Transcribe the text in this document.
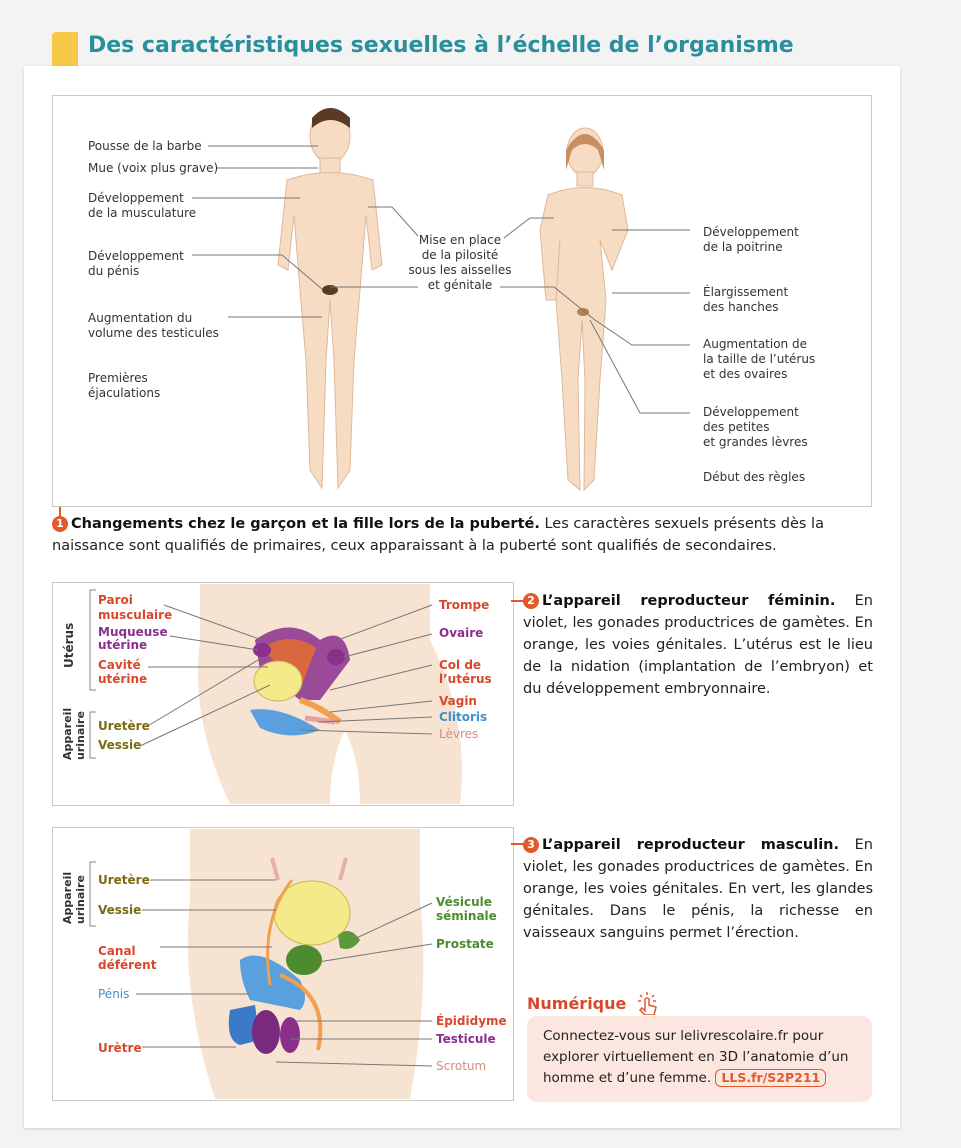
Des caractéristiques sexuelles à l’échelle de l’organisme
Pousse de la barbe
Mue (voix plus grave)
Développement
de la musculature
Développement
du pénis
Augmentation du
volume des testicules
Premières
éjaculations
Mise en place
de la pilosité
sous les aisselles
et génitale
Développement
de la poitrine
Élargissement
des hanches
Augmentation de
la taille de l’utérus
et des ovaires
Développement
des petites
et grandes lèvres
Début des règles
1 Changements chez le garçon et la fille lors de la puberté. Les caractères sexuels présents dès la naissance sont qualifiés de primaires, ceux apparaissant à la puberté sont qualifiés de secondaires.
Utérus
Appareil
urinaire
Paroi
musculaire
Muqueuse
utérine
Cavité
utérine
Uretère
Vessie
Trompe
Ovaire
Col de
l’utérus
Vagin
Clitoris
Lèvres
2 L’appareil reproducteur féminin. En violet, les gonades productrices de gamètes. En orange, les voies génitales. L’utérus est le lieu de la nidation (implantation de l’embryon) et du développement embryonnaire.
Appareil
urinaire Uretère
Vessie
Canal
déférent
Pénis
Urètre
Vésicule
séminale
Prostate
Épididyme
Testicule
Scrotum
3 L’appareil reproducteur masculin. En violet, les gonades productrices de gamètes. En orange, les voies génitales. En vert, les glandes génitales. Dans le pénis, la richesse en vaisseaux sanguins permet l’érection.
Numérique
Connectez-vous sur lelivrescolaire.fr pour explorer virtuellement en 3D l’anatomie d’un homme et d’une femme. LLS.fr/S2P211
